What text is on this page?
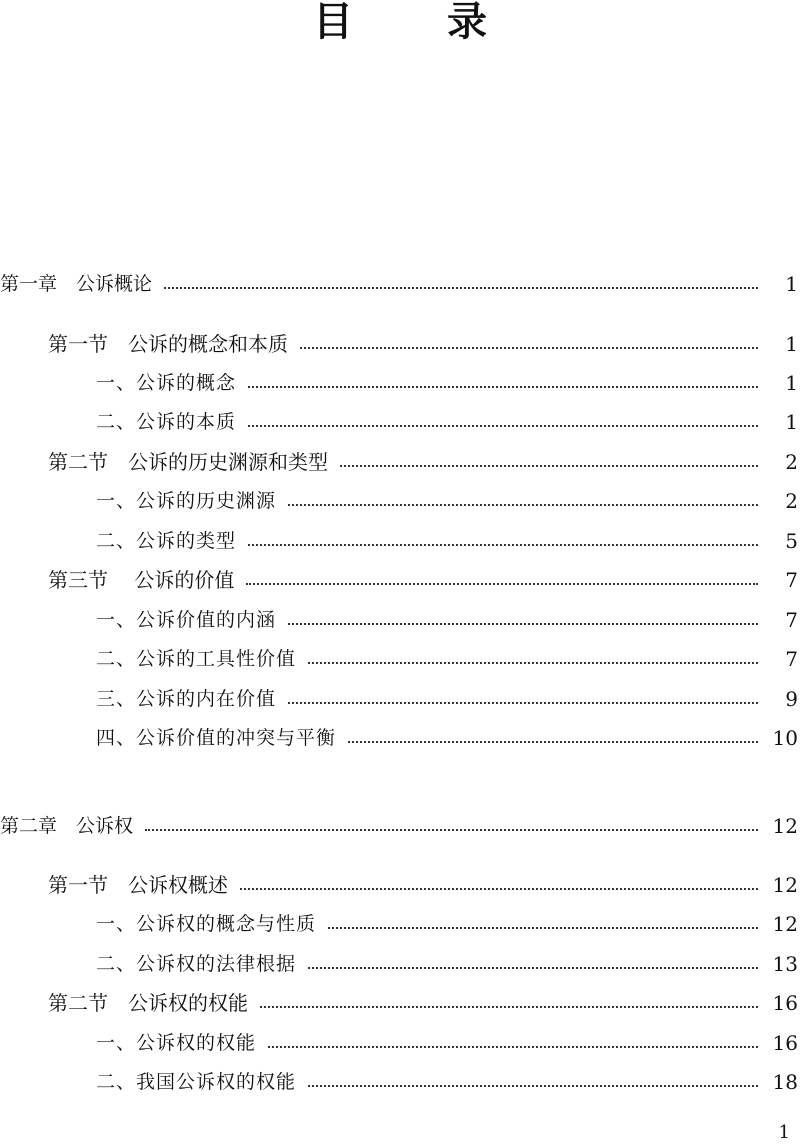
目 录
第一章　公诉概论	1
第一节　公诉的概念和本质	1
一、公诉的概念	1
二、公诉的本质	1
第二节　公诉的历史渊源和类型	2
一、公诉的历史渊源	2
二、公诉的类型	5
第三节　 公诉的价值	7
一、公诉价值的内涵	7
二、公诉的工具性价值	7
三、公诉的内在价值	9
四、公诉价值的冲突与平衡	10
第二章　公诉权	12
第一节　公诉权概述	12
一、公诉权的概念与性质	12
二、公诉权的法律根据	13
第二节　公诉权的权能	16
一、公诉权的权能	16
二、我国公诉权的权能	18
1
